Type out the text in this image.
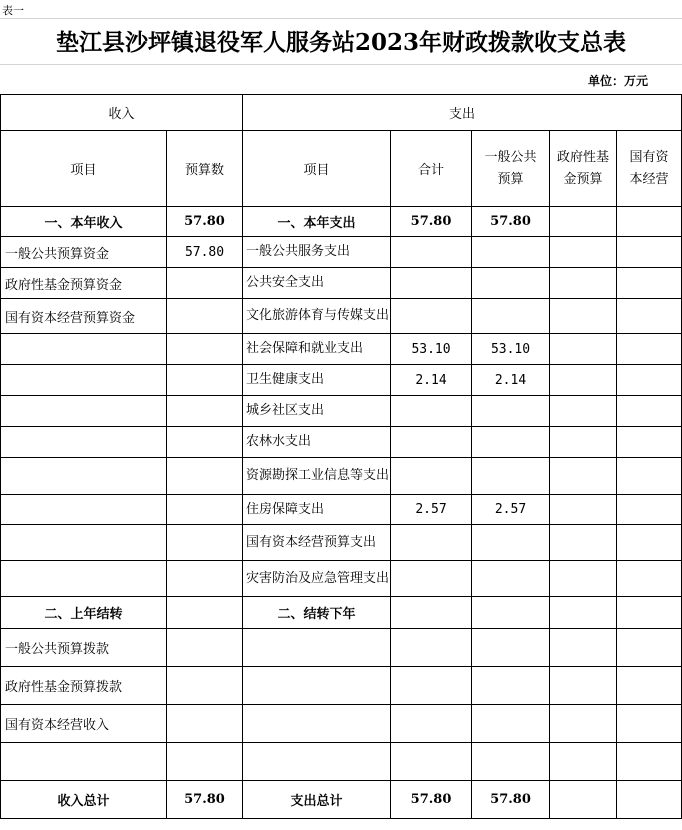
表一
垫江县沙坪镇退役军人服务站2023年财政拨款收支总表
单位：万元
收入		支出				
项目	预算数	项目	合计	一般公共预算	政府性基金预算	国有资本经营
一、本年收入	57.80	一、本年支出	57.80	57.80		
一般公共预算资金	57.80	一般公共服务支出				
政府性基金预算资金		公共安全支出				
国有资本经营预算资金		文化旅游体育与传媒支出				
		社会保障和就业支出	53.10	53.10		
		卫生健康支出	2.14	2.14		
		城乡社区支出				
		农林水支出				
		资源勘探工业信息等支出				
		住房保障支出	2.57	2.57		
		国有资本经营预算支出				
		灾害防治及应急管理支出				
二、上年结转		二、结转下年				
一般公共预算拨款						
政府性基金预算拨款						
国有资本经营收入						

收入总计	57.80	支出总计	57.80	57.80		
